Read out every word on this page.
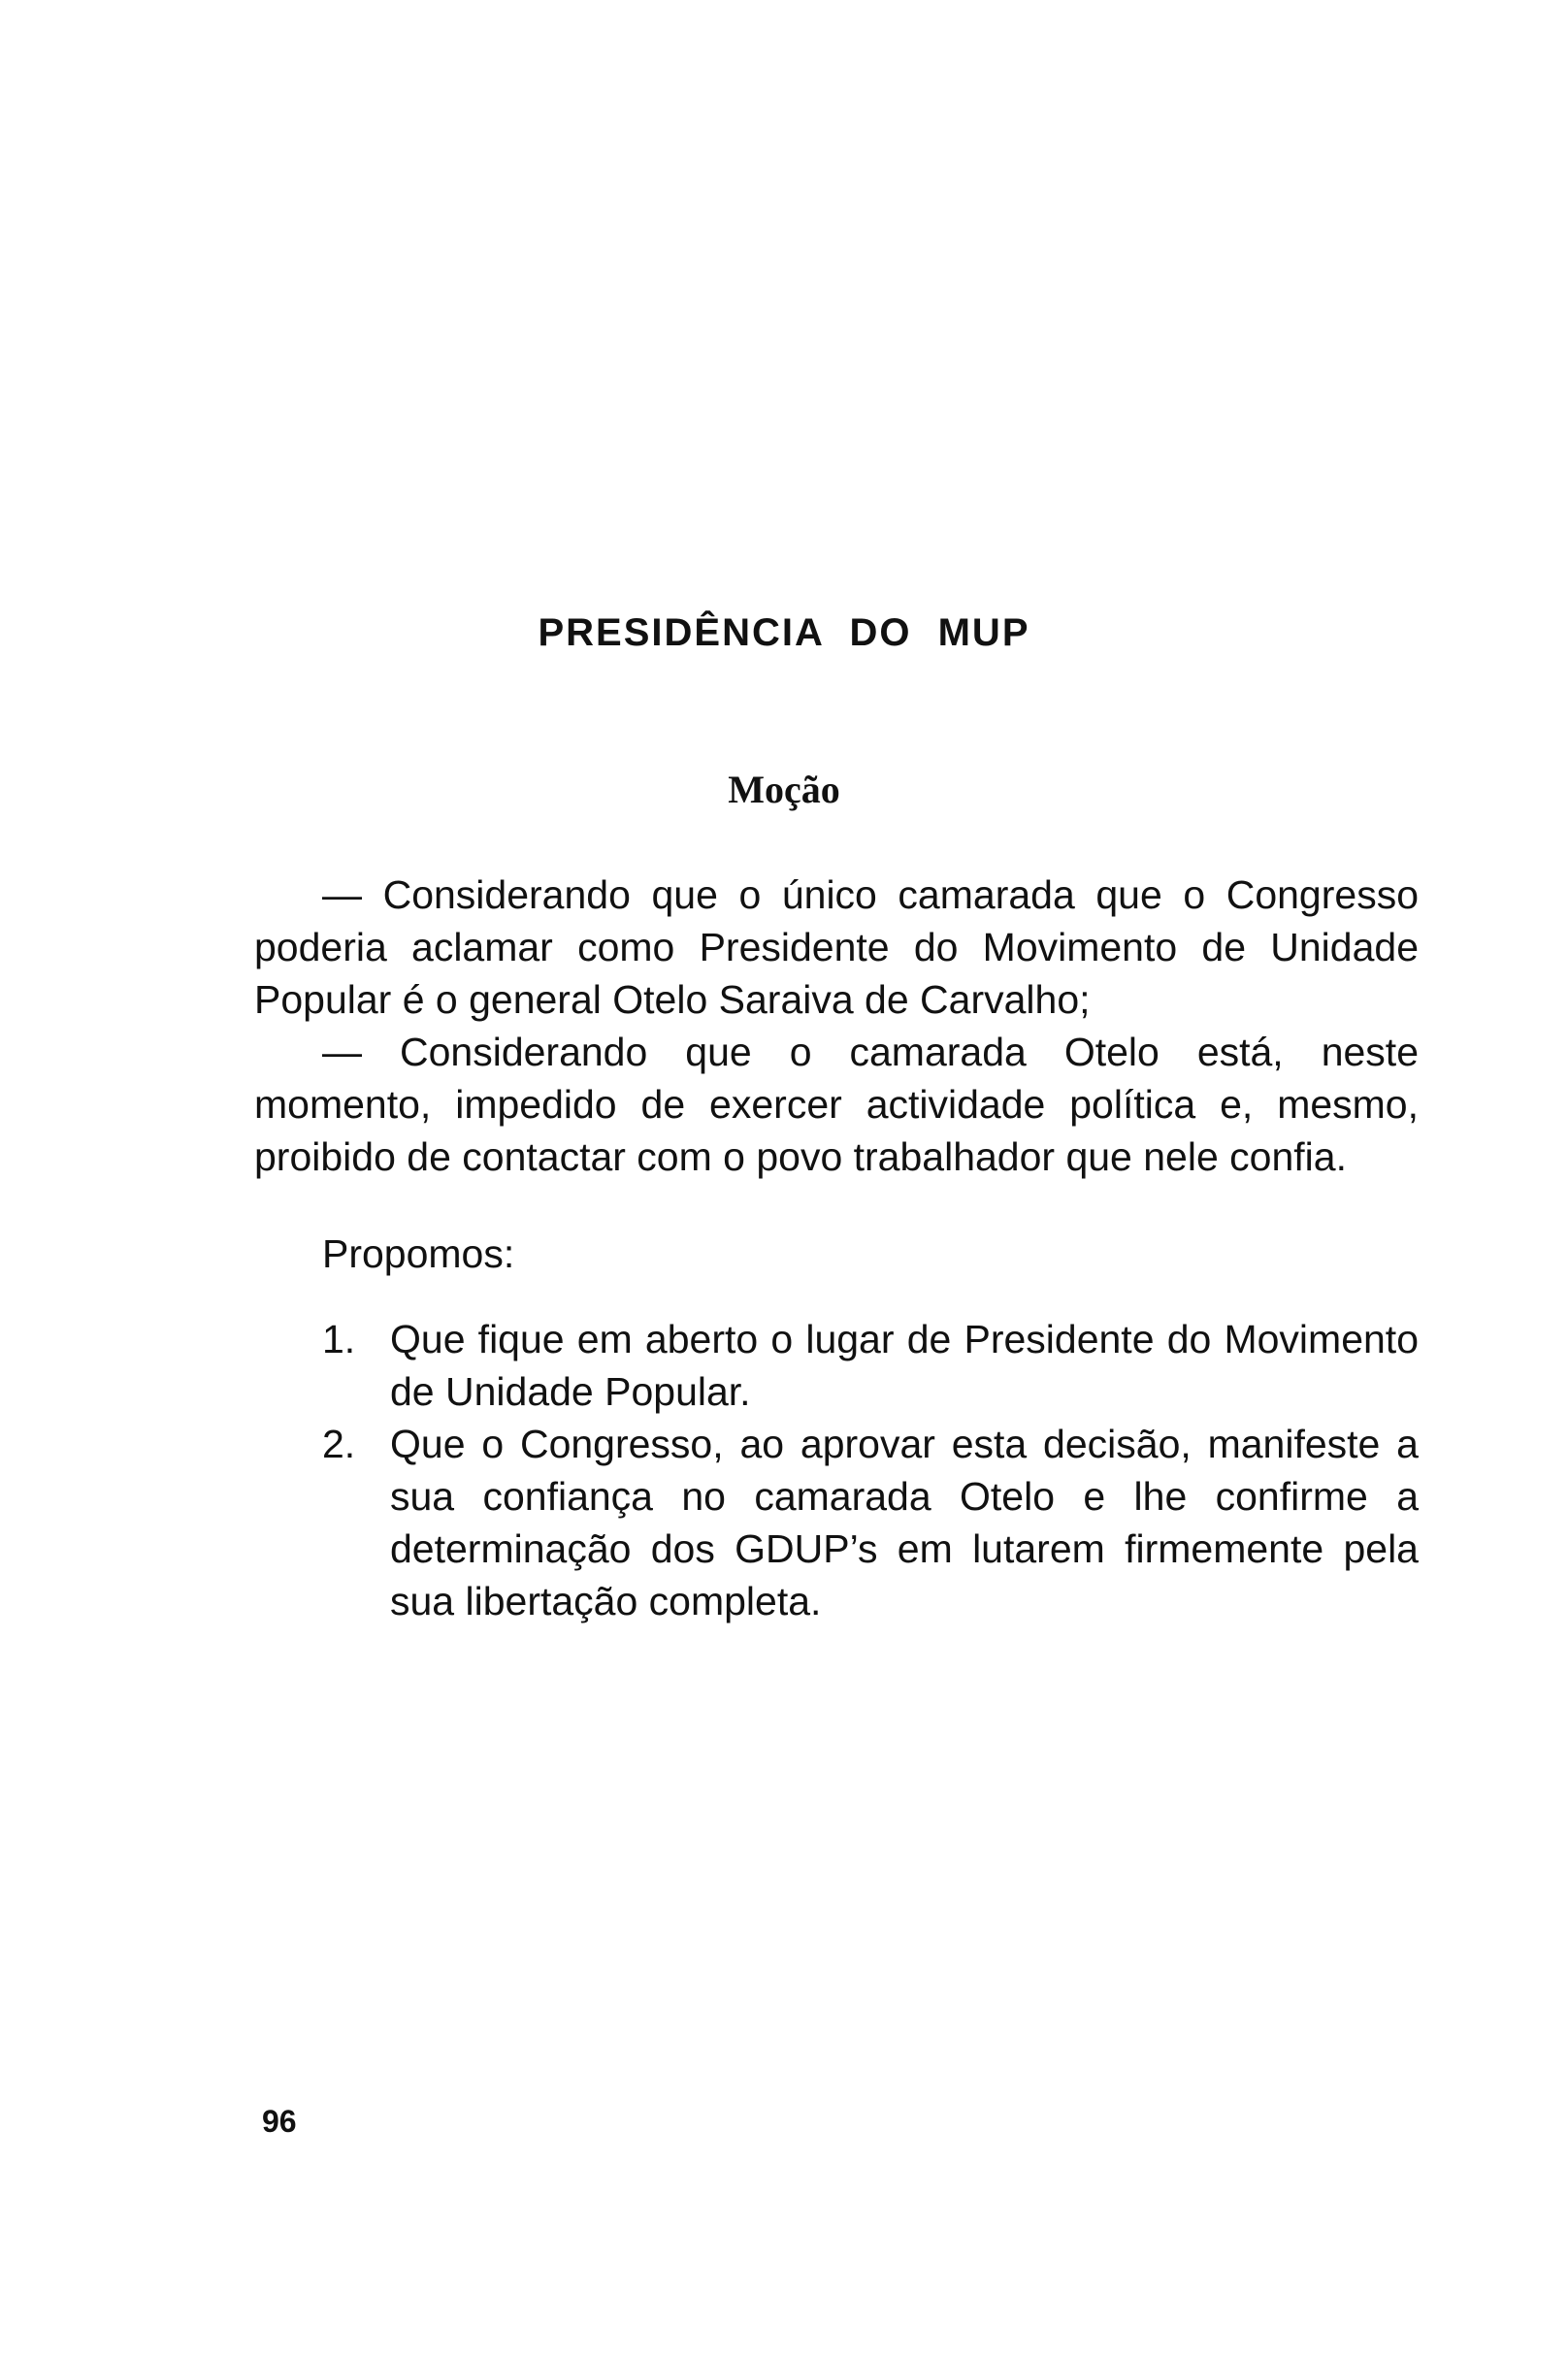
PRESIDÊNCIA DO MUP
Moção

— Considerando que o único camarada que o Congresso poderia aclamar como Presidente do Movimento de Unidade Popular é o general Otelo Saraiva de Carvalho;

— Considerando que o camarada Otelo está, neste momento, impedido de exercer actividade política e, mesmo, proibido de contactar com o povo trabalhador que nele confia.

Propomos:

1. Que fique em aberto o lugar de Presidente do Movimento de Unidade Popular.
2. Que o Congresso, ao aprovar esta decisão, manifeste a sua confiança no camarada Otelo e lhe confirme a determinação dos GDUP’s em lutarem firmemente pela sua libertação completa.
96
